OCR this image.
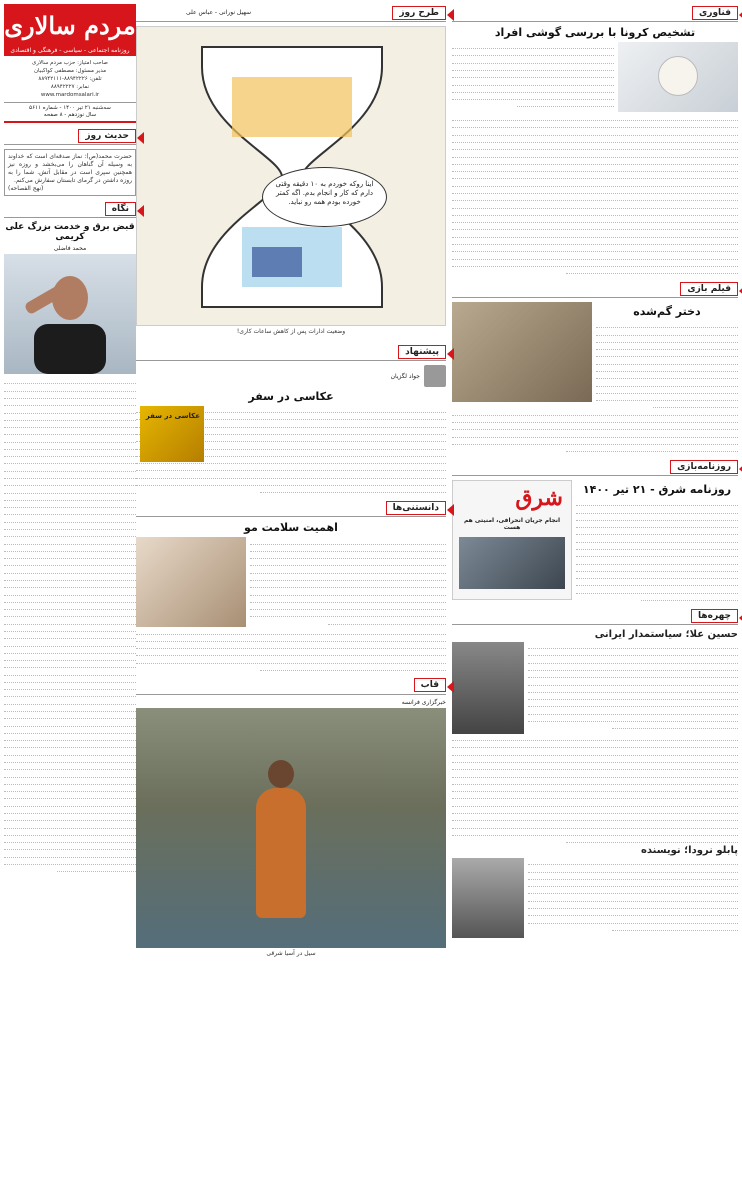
فناوری
تشخیص کرونا با بررسی گوشی افراد
فیلم بازی
دختر گم‌شده
روزنامه‌بازی
روزنامه شرق - ۲۱ تیر ۱۴۰۰
شرق
انجام جریان انحرافی، امنیتی هم هست
چهره‌ها
حسین علا؛ سیاستمدار ایرانی
پابلو نرودا؛ نویسنده
طرح روز
سهیل نورانی - عباس علی
اینا روکه خوردم به ۱۰ دقیقه وقتی دارم که کار و انجام بدم. اگه کمتر خورده بودم همه رو نباید.
وضعیت ادارات پس از کاهش ساعات کاری!
پیشنهاد
جواد لگزیان
عکاسی در سفر
عکاسی در سفر
دانستنی‌ها
اهمیت سلامت مو
قاب
خبرگزاری فرانسه
سیل در آسیا شرقی
مردم سالاری
روزنامه اجتماعی - سیاسی - فرهنگی و اقتصادی
صاحب امتیاز: حزب مردم سالاری
مدیر مسئول: مصطفی کواکبیان
تلفن: ۸۸۹۴۲۲۲۶-۸۸۹۴۲۱۱۱
نمابر: ۸۸۹۴۲۲۲۷
www.mardomsalari.ir
سه‌شنبه ۲۱ تیر ۱۴۰۰ - شماره ۵۶۱۱
سال نوزدهم - ۸ صفحه
حدیث روز
حضرت محمد(ص): نماز صدقه‌ای است که خداوند به وسیله آن گناهان را می‌بخشد و روزه نیز همچنین سپری است در مقابل آتش. شما را به روزه داشتن در گرمای تابستان سفارش می‌کنم.
(نهج الفصاحه)
نگاه
قبض برق و خدمت بزرگ علی کریمی
محمد فاضلی
